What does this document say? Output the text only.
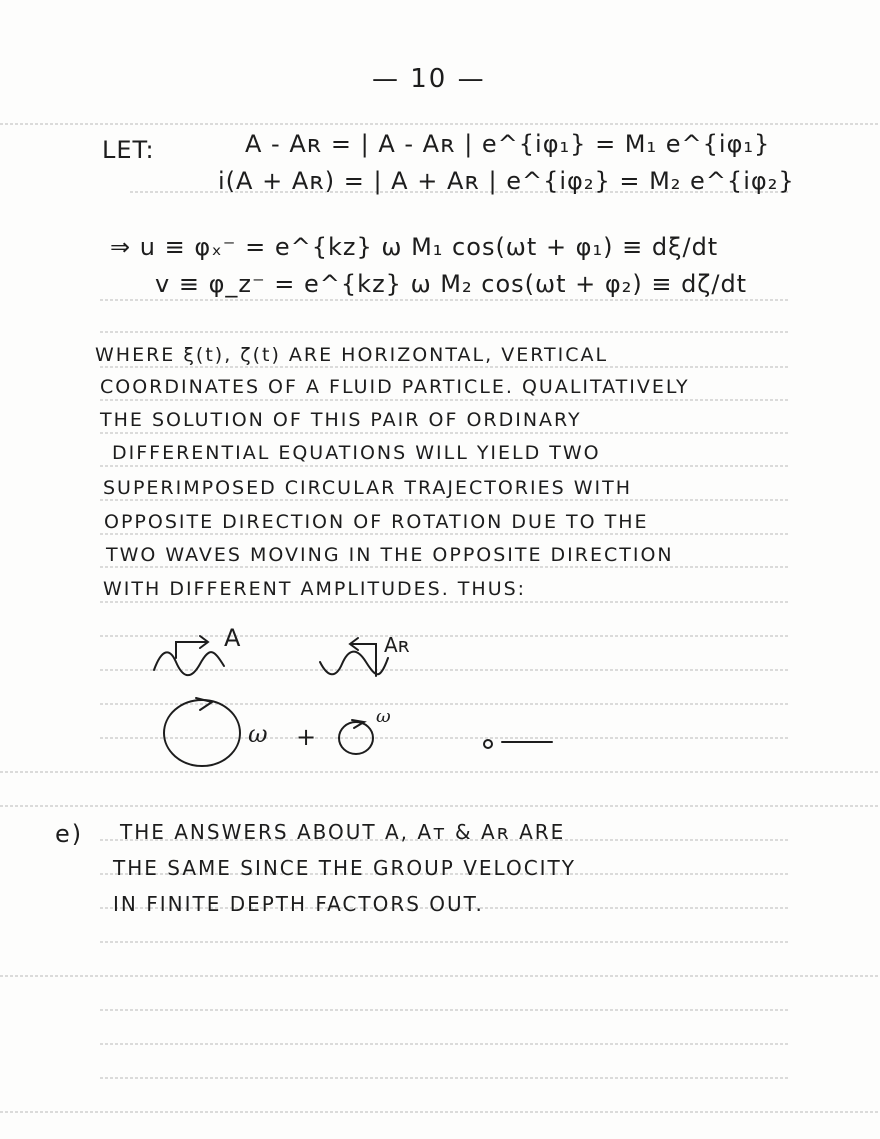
— 10 —
LET:	A - Aʀ = | A - Aʀ | e^{iφ₁} = M₁ e^{iφ₁}
i(A + Aʀ) = | A + Aʀ | e^{iφ₂} = M₂ e^{iφ₂}
⇒ u ≡ φₓ⁻ = e^{kz} ω M₁ cos(ωt + φ₁) ≡ dξ/dt
v ≡ φ_z⁻ = e^{kz} ω M₂ cos(ωt + φ₂) ≡ dζ/dt
WHERE ξ(t), ζ(t) ARE HORIZONTAL, VERTICAL
COORDINATES OF A FLUID PARTICLE. QUALITATIVELY
THE SOLUTION OF THIS PAIR OF ORDINARY
DIFFERENTIAL EQUATIONS WILL YIELD TWO
SUPERIMPOSED CIRCULAR TRAJECTORIES WITH
OPPOSITE DIRECTION OF ROTATION DUE TO THE
TWO WAVES MOVING IN THE OPPOSITE DIRECTION
WITH DIFFERENT AMPLITUDES. THUS:
A	Aʀ
ω +
ω
e) THE ANSWERS ABOUT A, Aᴛ & Aʀ ARE
THE SAME SINCE THE GROUP VELOCITY
IN FINITE DEPTH FACTORS OUT.
